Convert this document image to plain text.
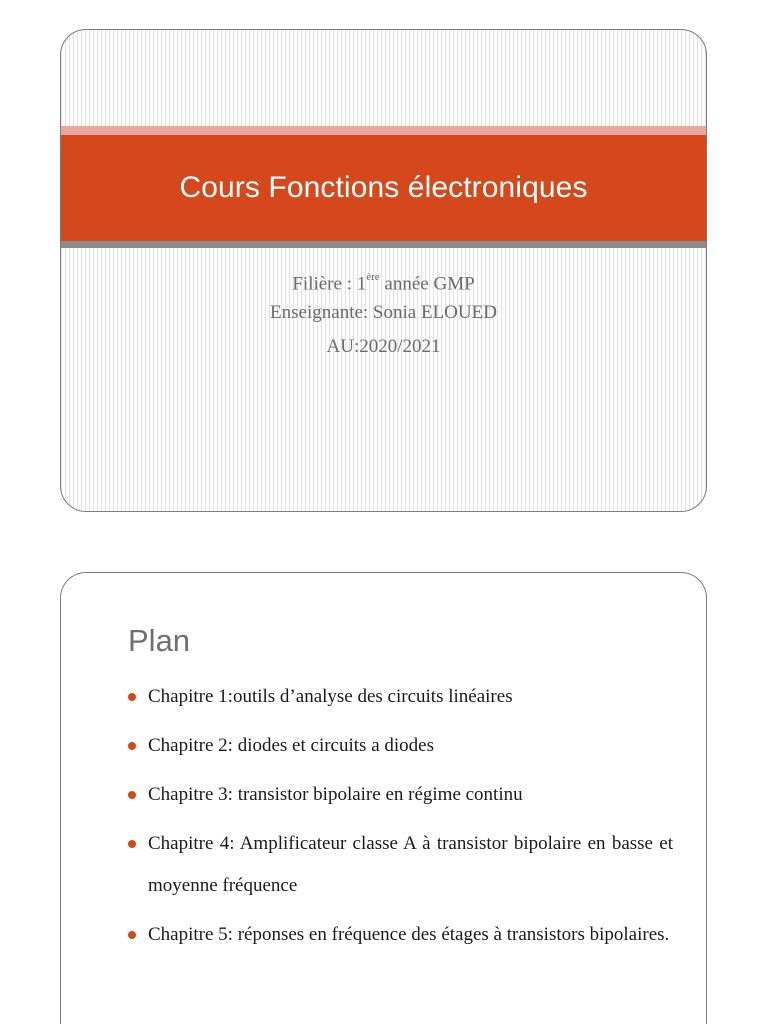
Cours Fonctions électroniques
Filière : 1ère année GMP
Enseignante: Sonia ELOUED
AU:2020/2021
Plan
Chapitre 1:outils d’analyse des circuits linéaires
Chapitre 2: diodes et circuits a diodes
Chapitre 3: transistor bipolaire en régime continu
Chapitre 4: Amplificateur classe A à transistor bipolaire en basse et moyenne fréquence
Chapitre 5: réponses en fréquence des étages à transistors bipolaires.
